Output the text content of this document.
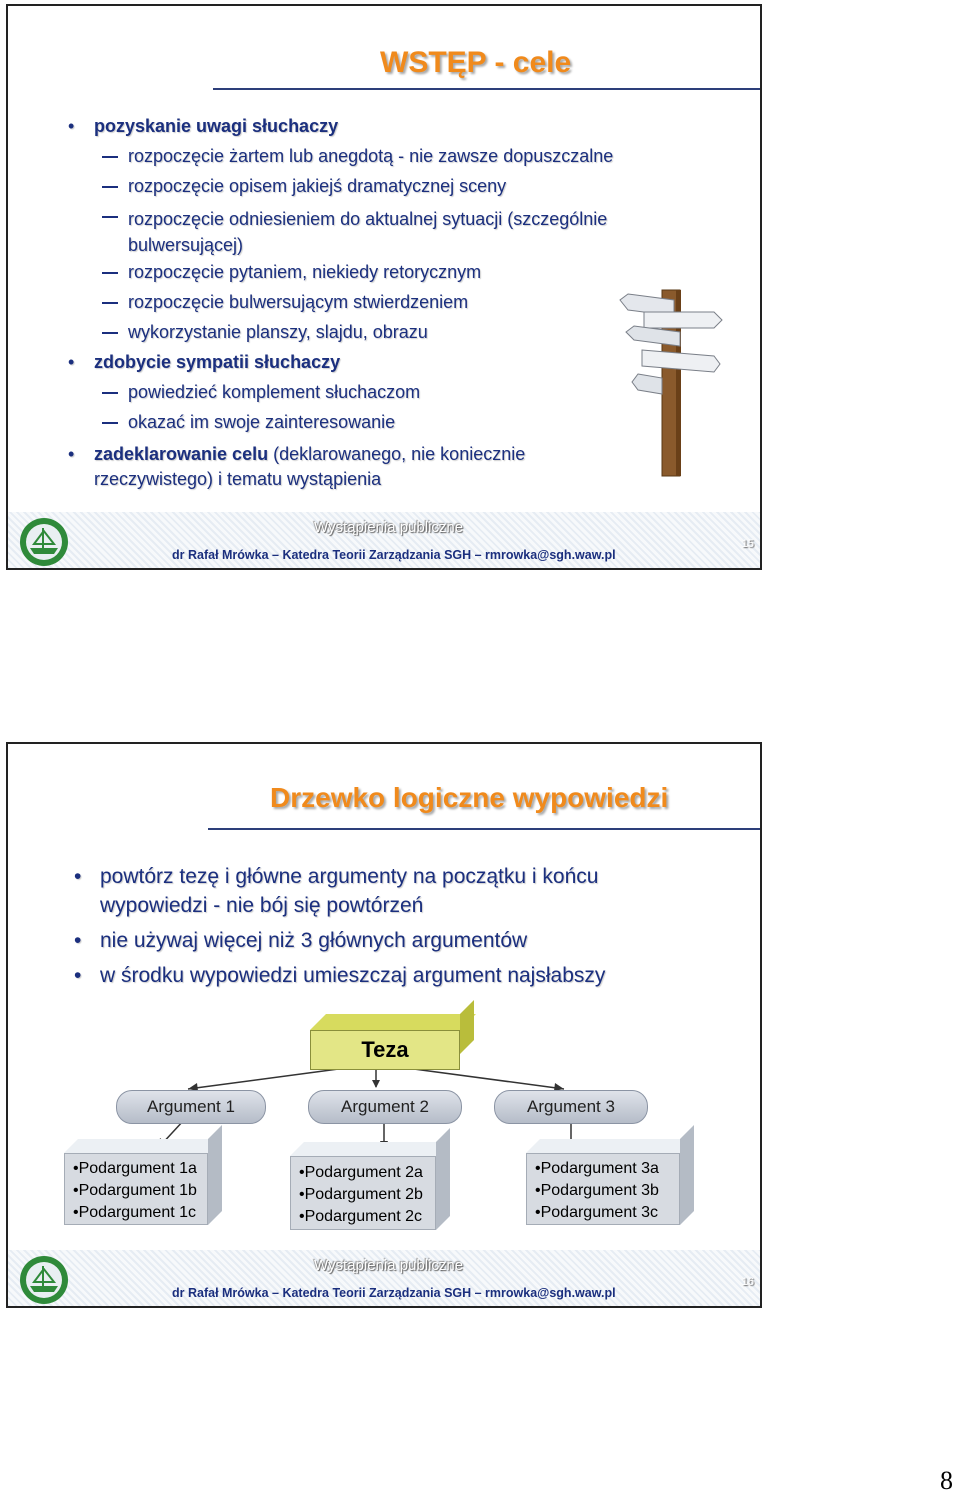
WSTĘP - cele
• pozyskanie uwagi słuchaczy
rozpoczęcie żartem lub anegdotą - nie zawsze dopuszczalne
rozpoczęcie opisem jakiejś dramatycznej sceny
rozpoczęcie odniesieniem do aktualnej sytuacji (szczególnie bulwersującej)
rozpoczęcie pytaniem, niekiedy retorycznym
rozpoczęcie bulwersującym stwierdzeniem
wykorzystanie planszy, slajdu, obrazu
• zdobycie sympatii słuchaczy
powiedzieć komplement słuchaczom
okazać im swoje zainteresowanie
• zadeklarowanie celu (deklarowanego, nie koniecznie rzeczywistego) i tematu wystąpienia
Wystąpienia publiczne
dr Rafał Mrówka – Katedra Teorii Zarządzania SGH – rmrowka@sgh.waw.pl
15
Drzewko logiczne wypowiedzi
• powtórz tezę i główne argumenty na początku i końcu wypowiedzi - nie bój się powtórzeń
• nie używaj więcej niż 3 głównych argumentów
• w środku wypowiedzi umieszczaj argument najsłabszy
Teza
Argument 1	Argument 2	Argument 3
• Podargument 1a
• Podargument 1b
• Podargument 1c
• Podargument 2a
• Podargument 2b
• Podargument 2c
• Podargument 3a
• Podargument 3b
• Podargument 3c
Wystąpienia publiczne
dr Rafał Mrówka – Katedra Teorii Zarządzania SGH – rmrowka@sgh.waw.pl
16
8
